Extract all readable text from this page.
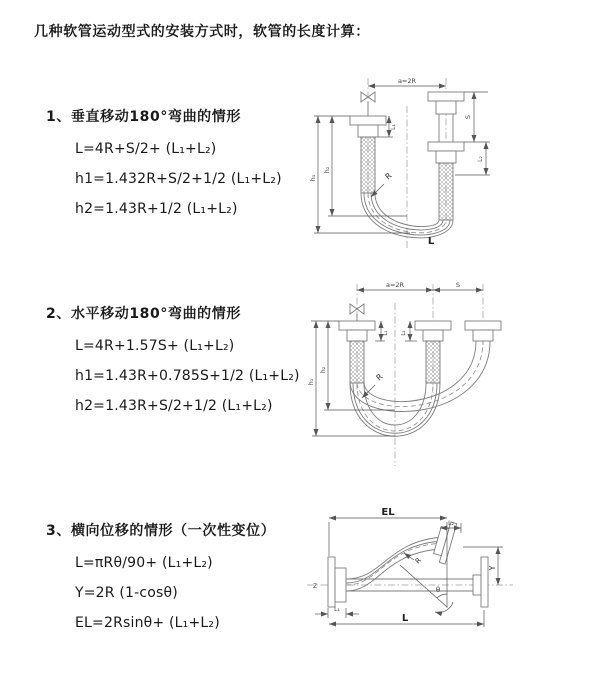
几种软管运动型式的安装方式时，软管的长度计算：
1、垂直移动180°弯曲的情形
L=4R+S/2+ (L₁+L₂)
h1=1.432R+S/2+1/2 (L₁+L₂)
h2=1.43R+1/2 (L₁+L₂)
2、水平移动180°弯曲的情形
L=4R+1.57S+ (L₁+L₂)
h1=1.43R+0.785S+1/2 (L₁+L₂)
h2=1.43R+S/2+1/2 (L₁+L₂)
3、横向位移的情形（一次性变位）
L=πRθ/90+ (L₁+L₂)
Y=2R (1-cosθ)
EL=2Rsinθ+ (L₁+L₂)
a=2R
h₁
h₂
L₁
S
L₂
R
L
a=2R	S
h₁
h₂
L₁ L₂
R
Z
EL
L₂
Y
R
θ
L₁
L
